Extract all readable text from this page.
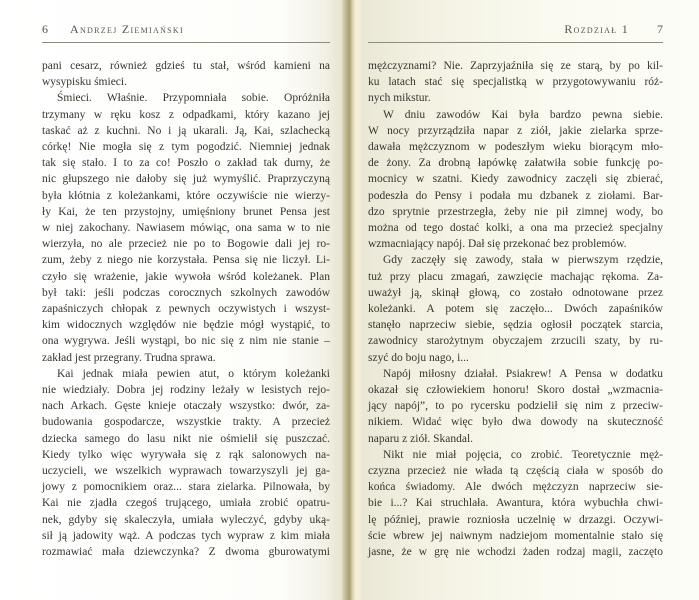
6 Andrzej Ziemiański
pani cesarz, również gdzieś tu stał, wśród kamieni na
wysypisku śmieci.
Śmieci. Właśnie. Przypomniała sobie. Opróżniła
trzymany w ręku kosz z odpadkami, który kazano jej
taskać aż z kuchni. No i ją ukarali. Ją, Kai, szlachecką
córkę! Nie mogła się z tym pogodzić. Niemniej jednak
tak się stało. I to za co! Poszło o zakład tak durny, że
nic głupszego nie dałoby się już wymyślić. Praprzyczyną
była kłótnia z koleżankami, które oczywiście nie wierzy-
ły Kai, że ten przystojny, umięśniony brunet Pensa jest
w niej zakochany. Nawiasem mówiąc, ona sama w to nie
wierzyła, no ale przecież nie po to Bogowie dali jej ro-
zum, żeby z niego nie korzystała. Pensa się nie liczył. Li-
czyło się wrażenie, jakie wywoła wśród koleżanek. Plan
był taki: jeśli podczas corocznych szkolnych zawodów
zapaśniczych chłopak z pewnych oczywistych i wszyst-
kim widocznych względów nie będzie mógł wystąpić, to
ona wygrywa. Jeśli wystąpi, bo nic się z nim nie stanie –
zakład jest przegrany. Trudna sprawa.
Kai jednak miała pewien atut, o którym koleżanki
nie wiedziały. Dobra jej rodziny leżały w lesistych rejo-
nach Arkach. Gęste knieje otaczały wszystko: dwór, za-
budowania gospodarcze, wszystkie trakty. A przecież
dziecka samego do lasu nikt nie ośmielił się puszczać.
Kiedy tylko więc wyrywała się z rąk salonowych na-
uczycieli, we wszelkich wyprawach towarzyszyli jej ga-
jowy z pomocnikiem oraz... stara zielarka. Pilnowała, by
Kai nie zjadła czegoś trującego, umiała zrobić opatru-
nek, gdyby się skaleczyła, umiała wyleczyć, gdyby uką-
sił ją jadowity wąż. A podczas tych wypraw z kim miała
rozmawiać mała dziewczynka? Z dwoma gburowatymi
Rozdział 1 7
mężczyznami? Nie. Zaprzyjaźniła się ze starą, by po kil-
ku latach stać się specjalistką w przygotowywaniu róż-
nych mikstur.
W dniu zawodów Kai była bardzo pewna siebie.
W nocy przyrządziła napar z ziół, jakie zielarka sprze-
dawała mężczyznom w podeszłym wieku biorącym mło-
de żony. Za drobną łapówkę załatwiła sobie funkcję po-
mocnicy w szatni. Kiedy zawodnicy zaczęli się zbierać,
podeszła do Pensy i podała mu dzbanek z ziołami. Bar-
dzo sprytnie przestrzegła, żeby nie pił zimnej wody, bo
można od tego dostać kolki, a ona ma przecież specjalny
wzmacniający napój. Dał się przekonać bez problemów.
Gdy zaczęły się zawody, stała w pierwszym rzędzie,
tuż przy placu zmagań, zawzięcie machając rękoma. Za-
uważył ją, skinął głową, co zostało odnotowane przez
koleżanki. A potem się zaczęło... Dwóch zapaśników
stanęło naprzeciw siebie, sędzia ogłosił początek starcia,
zawodnicy starożytnym obyczajem zrzucili szaty, by ru-
szyć do boju nago, i...
Napój miłosny działał. Psiakrew! A Pensa w dodatku
okazał się człowiekiem honoru! Skoro dostał „wzmacnia-
jący napój”, to po rycersku podzielił się nim z przeciw-
nikiem. Widać więc było dwa dowody na skuteczność
naparu z ziół. Skandal.
Nikt nie miał pojęcia, co zrobić. Teoretycznie męż-
czyzna przecież nie włada tą częścią ciała w sposób do
końca świadomy. Ale dwóch mężczyzn naprzeciw sie-
bie i...? Kai struchlała. Awantura, która wybuchła chwi-
lę później, prawie rozniosła uczelnię w drzazgi. Oczywi-
ście wbrew jej naiwnym nadziejom momentalnie stało się
jasne, że w grę nie wchodzi żaden rodzaj magii, zaczęto
